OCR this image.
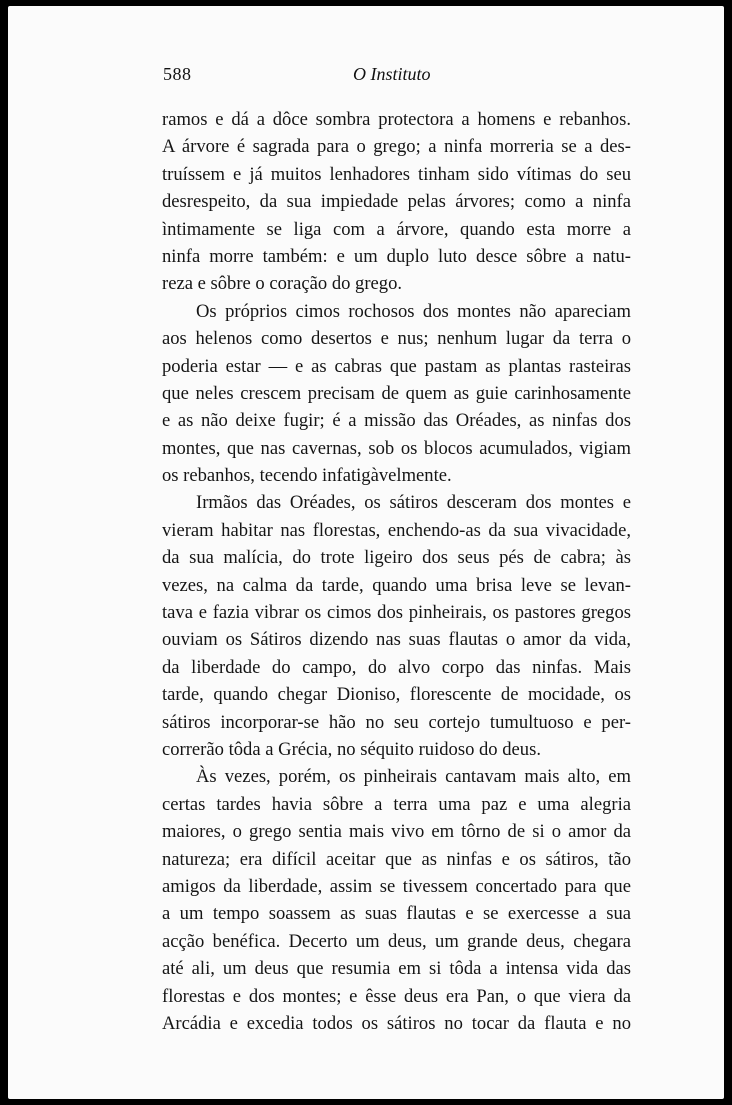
588	O Instituto
ramos e dá a dôce sombra protectora a homens e rebanhos.
A árvore é sagrada para o grego; a ninfa morreria se a des-
truíssem e já muitos lenhadores tinham sido vítimas do seu
desrespeito, da sua impiedade pelas árvores; como a ninfa
ìntimamente se liga com a árvore, quando esta morre a
ninfa morre também: e um duplo luto desce sôbre a natu-
reza e sôbre o coração do grego.
Os próprios cimos rochosos dos montes não apareciam
aos helenos como desertos e nus; nenhum lugar da terra o
poderia estar — e as cabras que pastam as plantas rasteiras
que neles crescem precisam de quem as guie carinhosamente
e as não deixe fugir; é a missão das Oréades, as ninfas dos
montes, que nas cavernas, sob os blocos acumulados, vigiam
os rebanhos, tecendo infatigàvelmente.
Irmãos das Oréades, os sátiros desceram dos montes e
vieram habitar nas florestas, enchendo-as da sua vivacidade,
da sua malícia, do trote ligeiro dos seus pés de cabra; às
vezes, na calma da tarde, quando uma brisa leve se levan-
tava e fazia vibrar os cimos dos pinheirais, os pastores gregos
ouviam os Sátiros dizendo nas suas flautas o amor da vida,
da liberdade do campo, do alvo corpo das ninfas. Mais
tarde, quando chegar Dioniso, florescente de mocidade, os
sátiros incorporar-se hão no seu cortejo tumultuoso e per-
correrão tôda a Grécia, no séquito ruidoso do deus.
Às vezes, porém, os pinheirais cantavam mais alto, em
certas tardes havia sôbre a terra uma paz e uma alegria
maiores, o grego sentia mais vivo em tôrno de si o amor da
natureza; era difícil aceitar que as ninfas e os sátiros, tão
amigos da liberdade, assim se tivessem concertado para que
a um tempo soassem as suas flautas e se exercesse a sua
acção benéfica. Decerto um deus, um grande deus, chegara
até ali, um deus que resumia em si tôda a intensa vida das
florestas e dos montes; e êsse deus era Pan, o que viera da
Arcádia e excedia todos os sátiros no tocar da flauta e no
